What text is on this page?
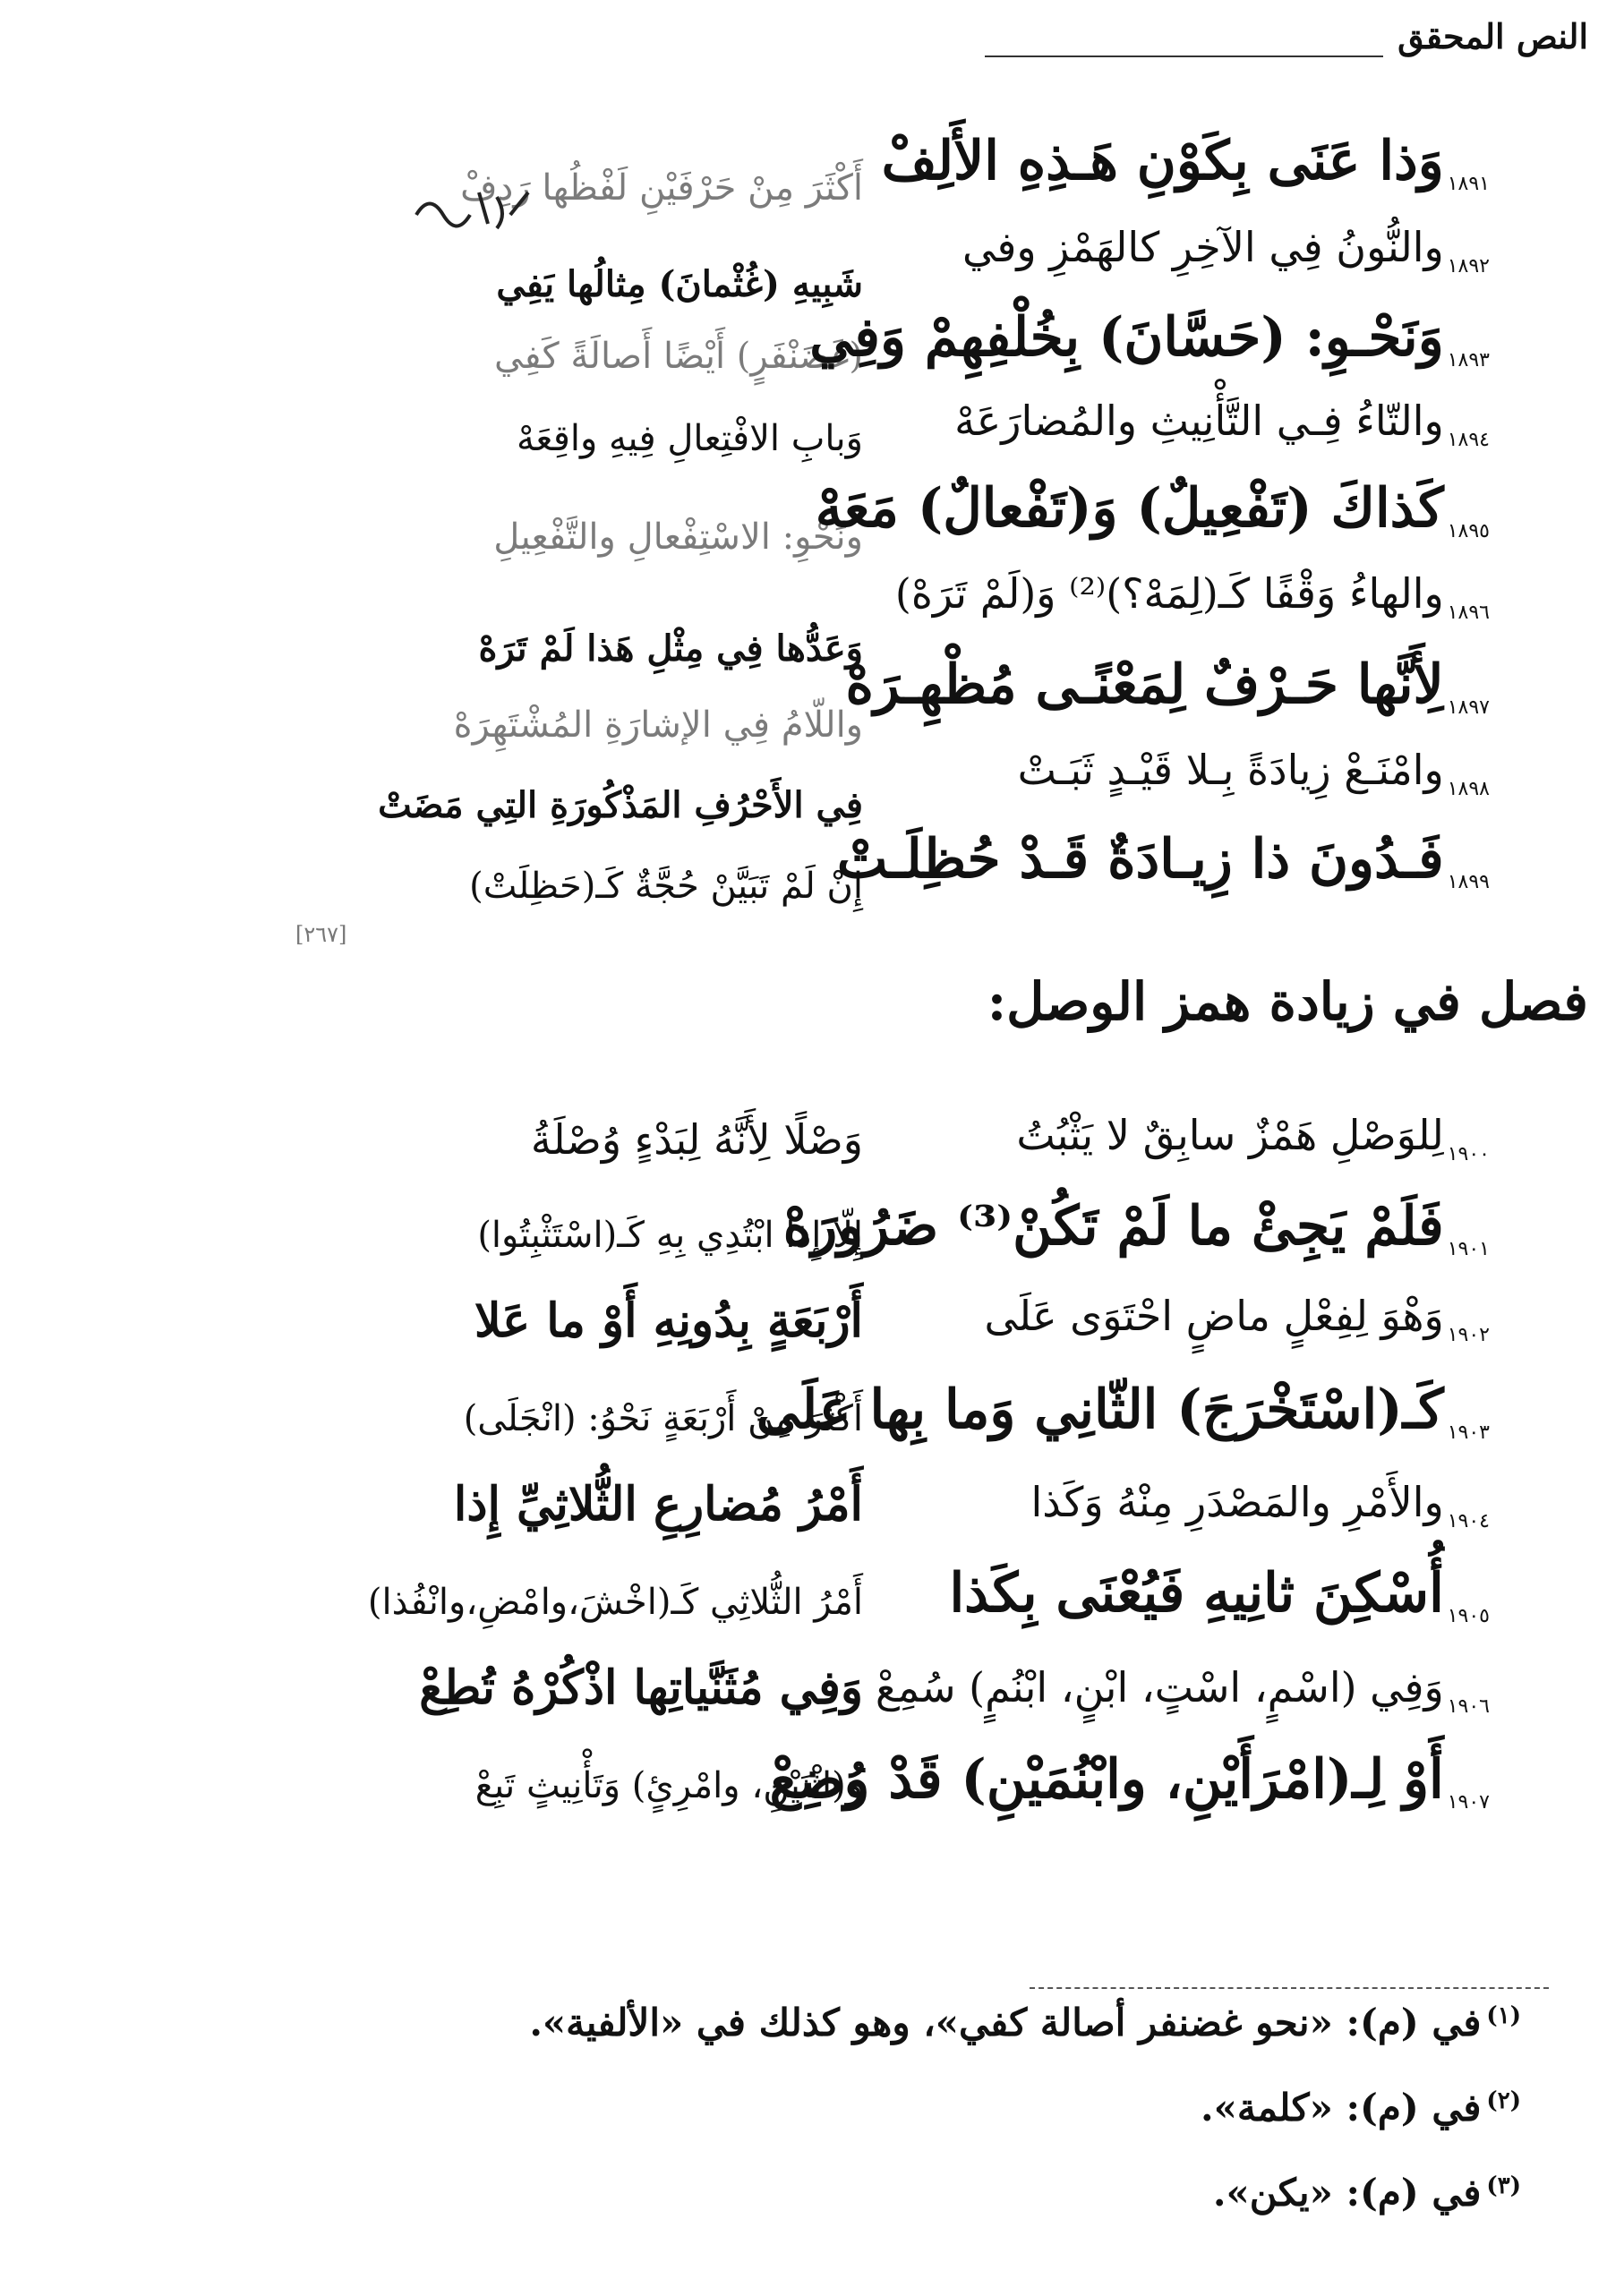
النص المحقق
١٨٩١وَذا عَنَى بِكَوْنِ هَـذِهِ الأَلِفْ
١٨٩٢والنُّونُ فِي الآخِرِ كالهَمْزِ وفي
١٨٩٣وَنَحْـوِ: (حَسَّانَ) بِخُلْفِهِمْ وَفِي
١٨٩٤والتّاءُ فِـي التَّأْنِيثِ والمُضارَعَهْ
١٨٩٥كَذاكَ (تَفْعِيلٌ) وَ(تَفْعالٌ) مَعَهْ
١٨٩٦والهاءُ وَقْفًا كَـ(لِمَهْ؟)⁽²⁾ وَ(لَمْ تَرَهْ)
١٨٩٧لِأَنَّها حَـرْفٌ لِمَعْنًـى مُظْهِـرَهْ
١٨٩٨وامْنَـعْ زِيادَةً بِـلا قَيْـدٍ ثَبَـتْ
١٨٩٩فَـدُونَ ذا زِيـادَةٌ قَـدْ حُظِلَـتْ
أَكْثَرَ مِنْ حَرْفَيْنِ لَفْظُها رَدِفْ
شَبِيهِ (غُثْمانَ) مِثالُها يَفِي
(غَضَنْفَرٍ) أَيْضًا أَصالَةً كَفِي
وَبابِ الافْتِعالِ فِيهِ واقِعَهْ
ونَحْوِ: الاسْتِفْعالِ والتَّفْعِيلِ
وَعَدُّها فِي مِثْلِ هَذا لَمْ تَرَهْ
واللّامُ فِي الإشارَةِ المُشْتَهِرَهْ
فِي الأَحْرُفِ المَذْكُورَةِ التِي مَضَتْ
إِنْ لَمْ تَبَيَّنْ حُجَّةٌ كَـ(حَظِلَتْ)
[٢٦٧]
فصل في زيادة همز الوصل:
١٩٠٠لِلوَصْلِ هَمْزٌ سابِقٌ لا يَثْبُتُ
١٩٠١فَلَمْ يَجِئْ ما لَمْ تَكُنْ⁽³⁾ ضَرُورَهْ
١٩٠٢وَهْوَ لِفِعْلٍ ماضٍ احْتَوَى عَلَى
١٩٠٣كَـ(اسْتَخْرَجَ) الثّانِي وَما بِها عَلَى
١٩٠٤والأَمْرِ والمَصْدَرِ مِنْهُ وَكَذا
١٩٠٥أُسْكِنَ ثانِيهِ فَيُعْنَى بِكَذا
١٩٠٦وَفِي (اسْمٍ، اسْتٍ، ابْنٍ، ابْنُمٍ) سُمِعْ
١٩٠٧أَوْ لِـ(امْرَأَيْنِ، وابْنُمَيْنِ) قَدْ وُضِعْ
وَصْلًا لِأَنَّهُ لِبَدْءٍ وُصْلَةُ
إِلّا إِذا ابْتُدِي بِهِ كَـ(اسْتَثْبِتُوا)
أَرْبَعَةٍ بِدُونِهِ أَوْ ما عَلا
أَكْثَرَ مِنْ أَرْبَعَةٍ نَحْوُ: (انْجَلَى)
أَمْرُ مُضارِعِ الثُّلاثِيِّ إِذا
أَمْرُ الثُّلاثِي كَـ(اخْشَ،وامْضِ،وانْفُذا)
وَفِي مُثَنَّياتِها اذْكُرْهُ تُطِعْ
وَ(اثْنَيْنِ، وامْرِئٍ) وَتَأْنِيثٍ تَبِعْ
$^{(١)}$في (م): «نحو غضنفر أصالة كفي»، وهو كذلك في «الألفية».
$^{(٢)}$في (م): «كلمة».
$^{(٣)}$في (م): «يكن».
